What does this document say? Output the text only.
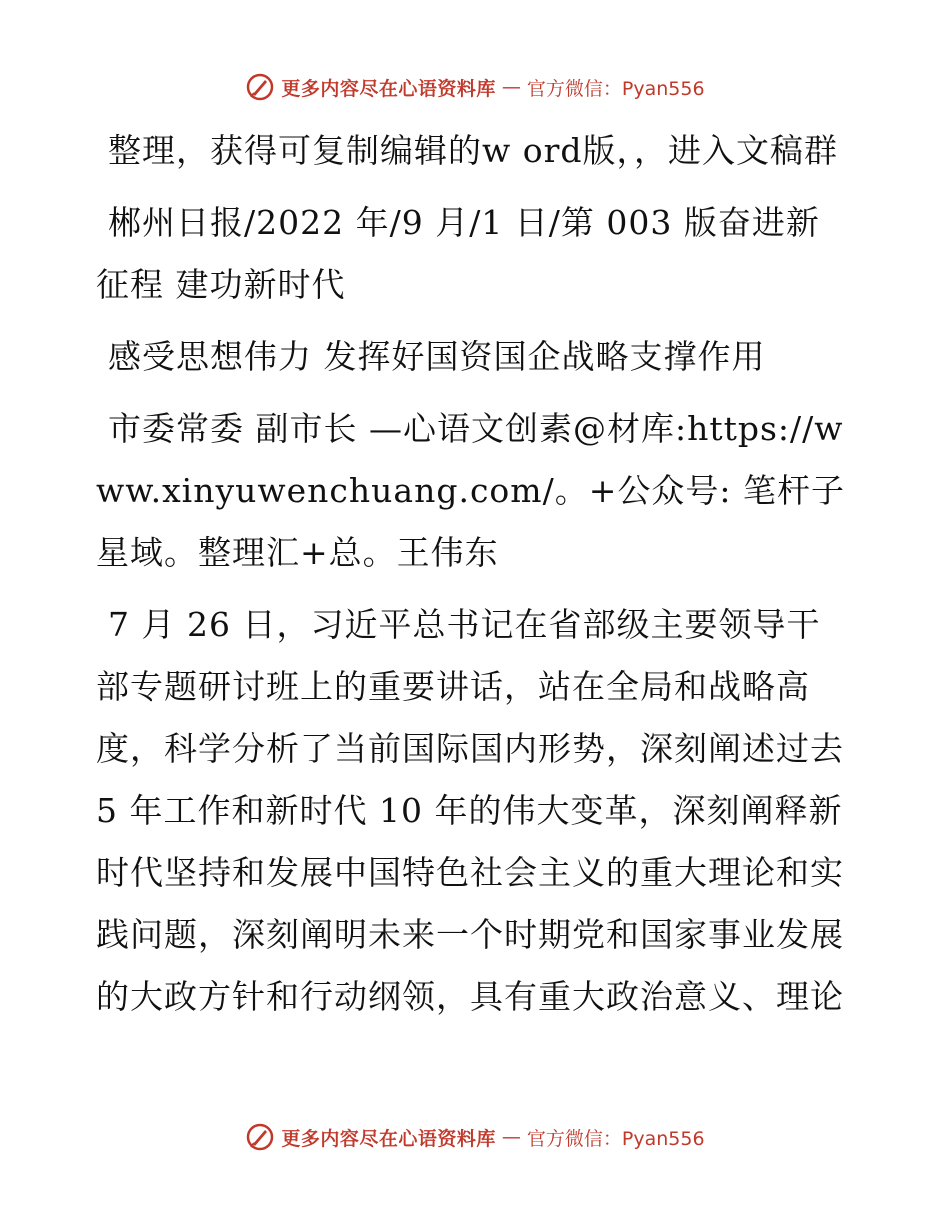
更多内容尽在心语资料库 — 官方微信：Pyan556

整理，获得可复制编辑的w ord版，，进入文稿群

郴州日报/2022 年/9 月/1 日/第 003 版奋进新征程 建功新时代

感受思想伟力 发挥好国资国企战略支撑作用

市委常委 副市长 —心语文创素@材库:https://www.xinyuwenchuang.com/。+公众号: 笔杆子星域。整理汇+总。王伟东

7 月 26 日，习近平总书记在省部级主要领导干部专题研讨班上的重要讲话，站在全局和战略高度，科学分析了当前国际国内形势，深刻阐述过去 5 年工作和新时代 10 年的伟大变革，深刻阐释新时代坚持和发展中国特色社会主义的重大理论和实践问题，深刻阐明未来一个时期党和国家事业发展的大政方针和行动纲领，具有重大政治意义、理论

更多内容尽在心语资料库 — 官方微信：Pyan556
